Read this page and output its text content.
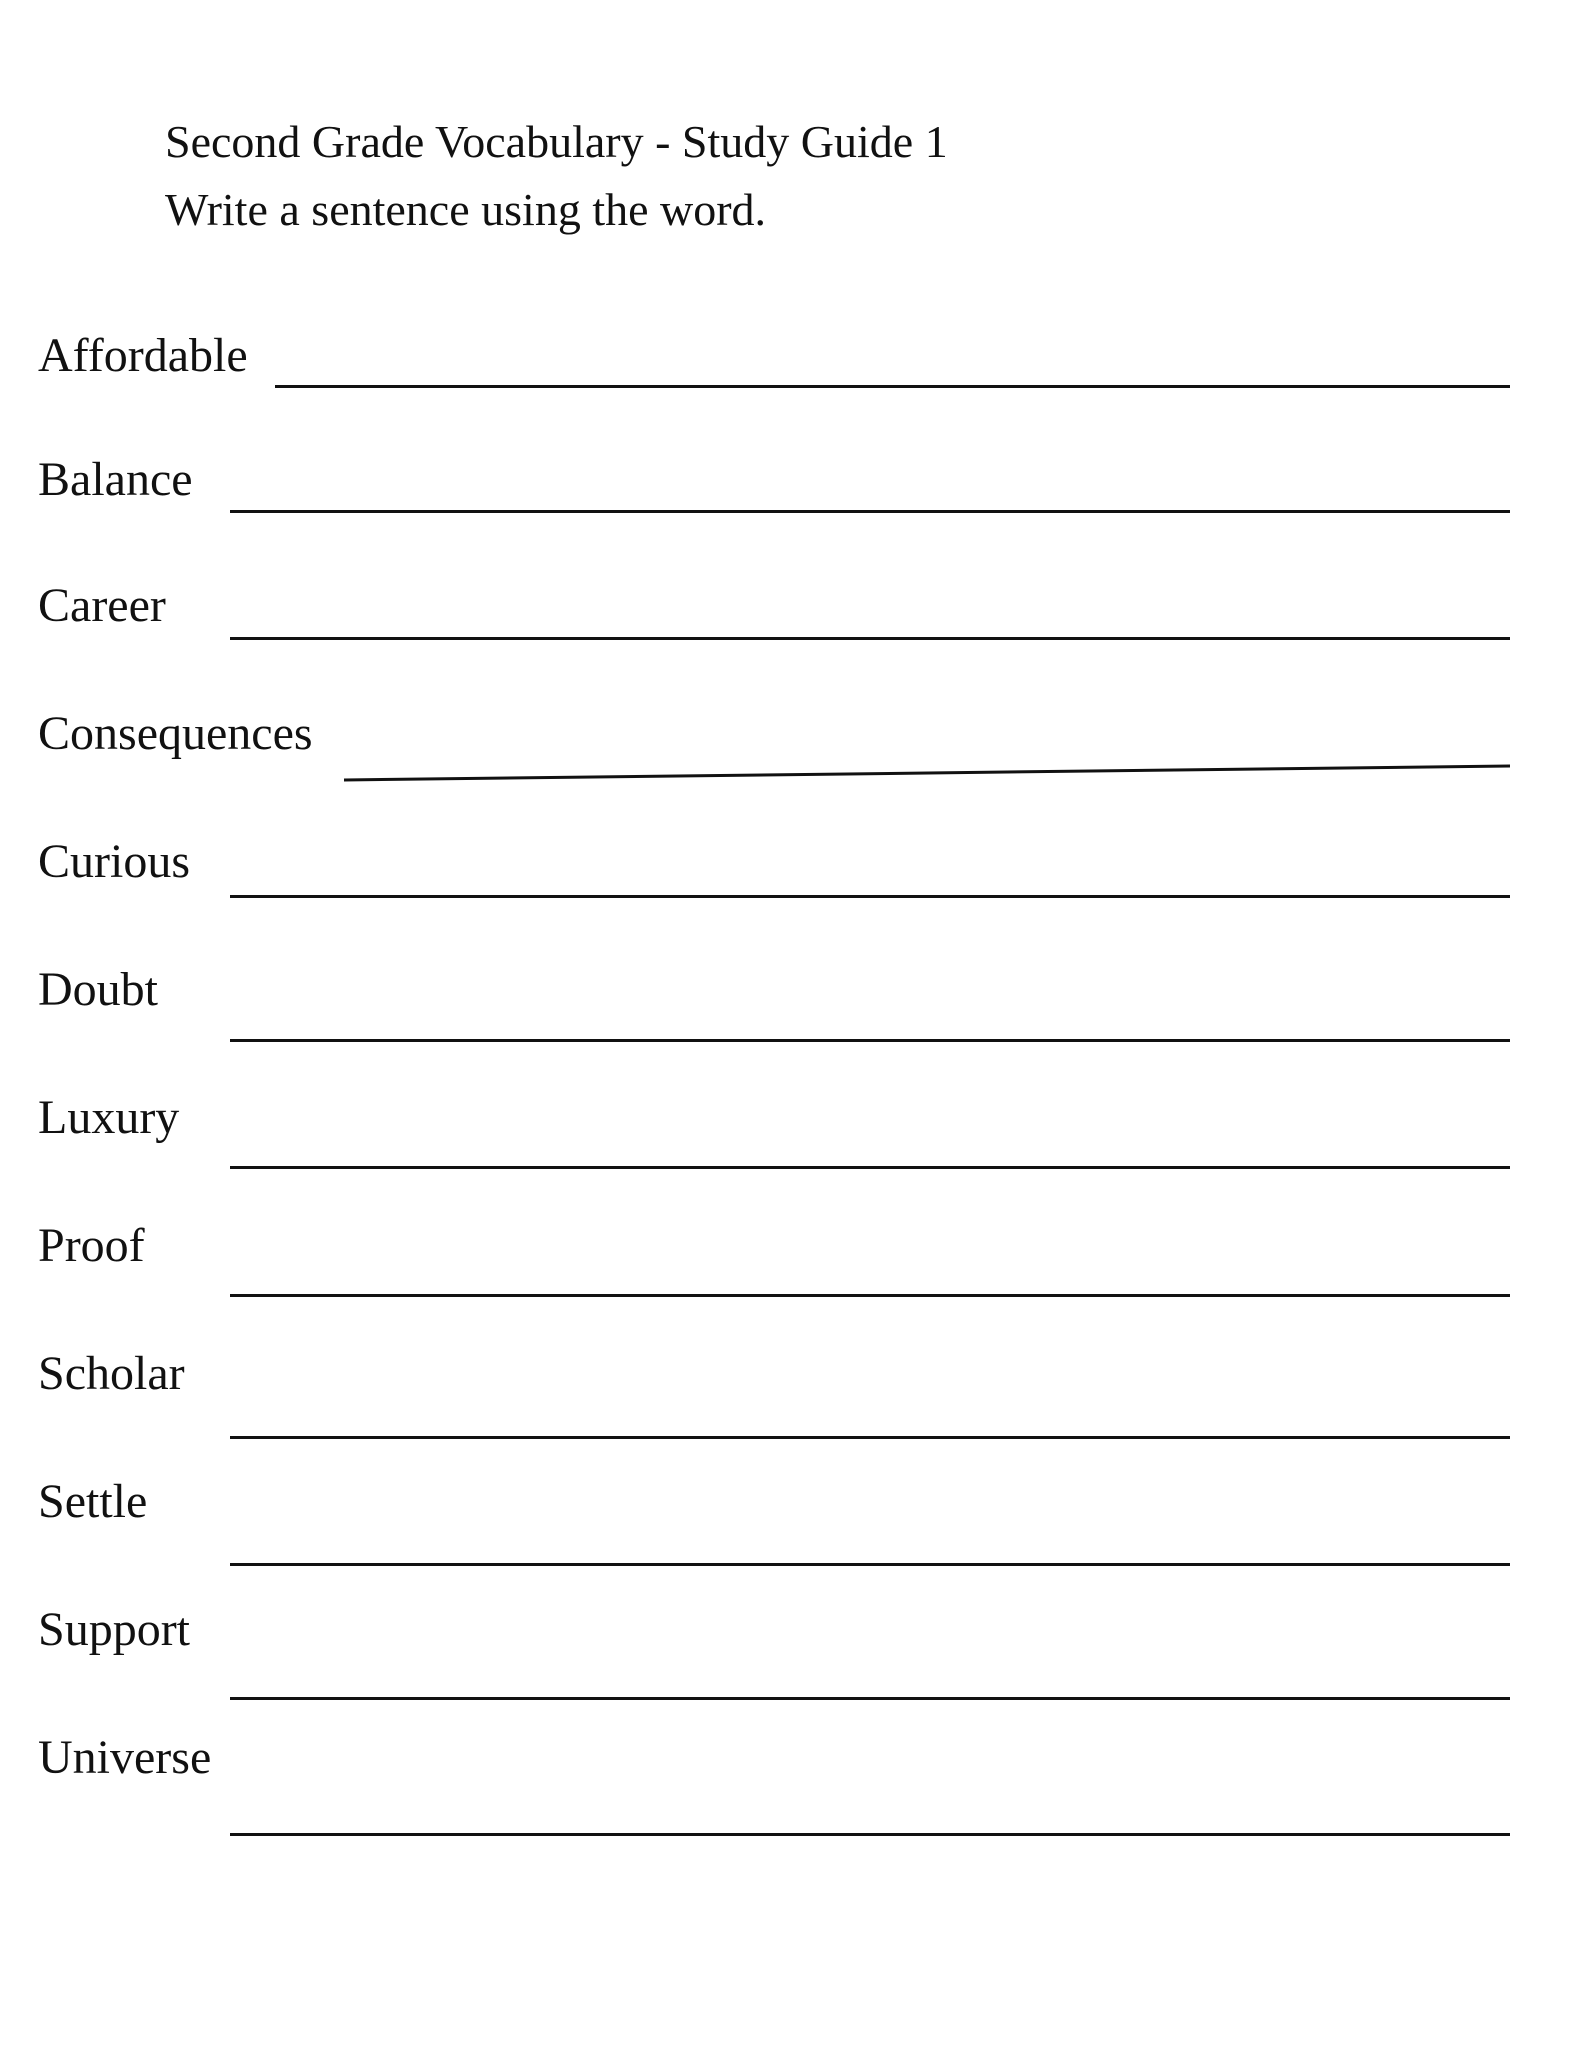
Second Grade Vocabulary - Study Guide 1
Write a sentence using the word.
Affordable
Balance
Career
Consequences
Curious
Doubt
Luxury
Proof
Scholar
Settle
Support
Universe
